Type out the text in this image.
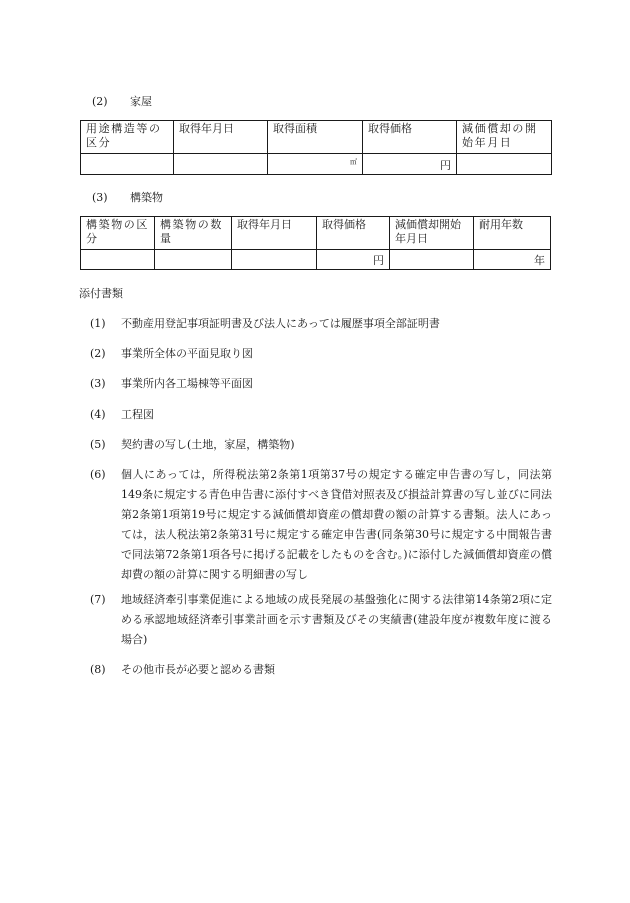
(2) 家屋
用途構造等の区分	取得年月日	取得面積	取得価格	減価償却の開始年月日
		㎡	円	
(3) 構築物
構築物の区分	構築物の数量	取得年月日	取得価格	減価償却開始年月日	耐用年数
			円		年
添付書類
(1) 不動産用登記事項証明書及び法人にあっては履歴事項全部証明書
(2) 事業所全体の平面見取り図
(3) 事業所内各工場棟等平面図
(4) 工程図
(5) 契約書の写し(土地，家屋，構築物)
(6) 個人にあっては，所得税法第2条第1項第37号の規定する確定申告書の写し，同法第149条に規定する青色申告書に添付すべき貸借対照表及び損益計算書の写し並びに同法第2条第1項第19号に規定する減価償却資産の償却費の額の計算する書類。法人にあっては，法人税法第2条第31号に規定する確定申告書(同条第30号に規定する中間報告書で同法第72条第1項各号に掲げる記載をしたものを含む。)に添付した減価償却資産の償却費の額の計算に関する明細書の写し
(7) 地域経済牽引事業促進による地域の成長発展の基盤強化に関する法律第14条第2項に定める承認地域経済牽引事業計画を示す書類及びその実績書(建設年度が複数年度に渡る場合)
(8) その他市長が必要と認める書類
